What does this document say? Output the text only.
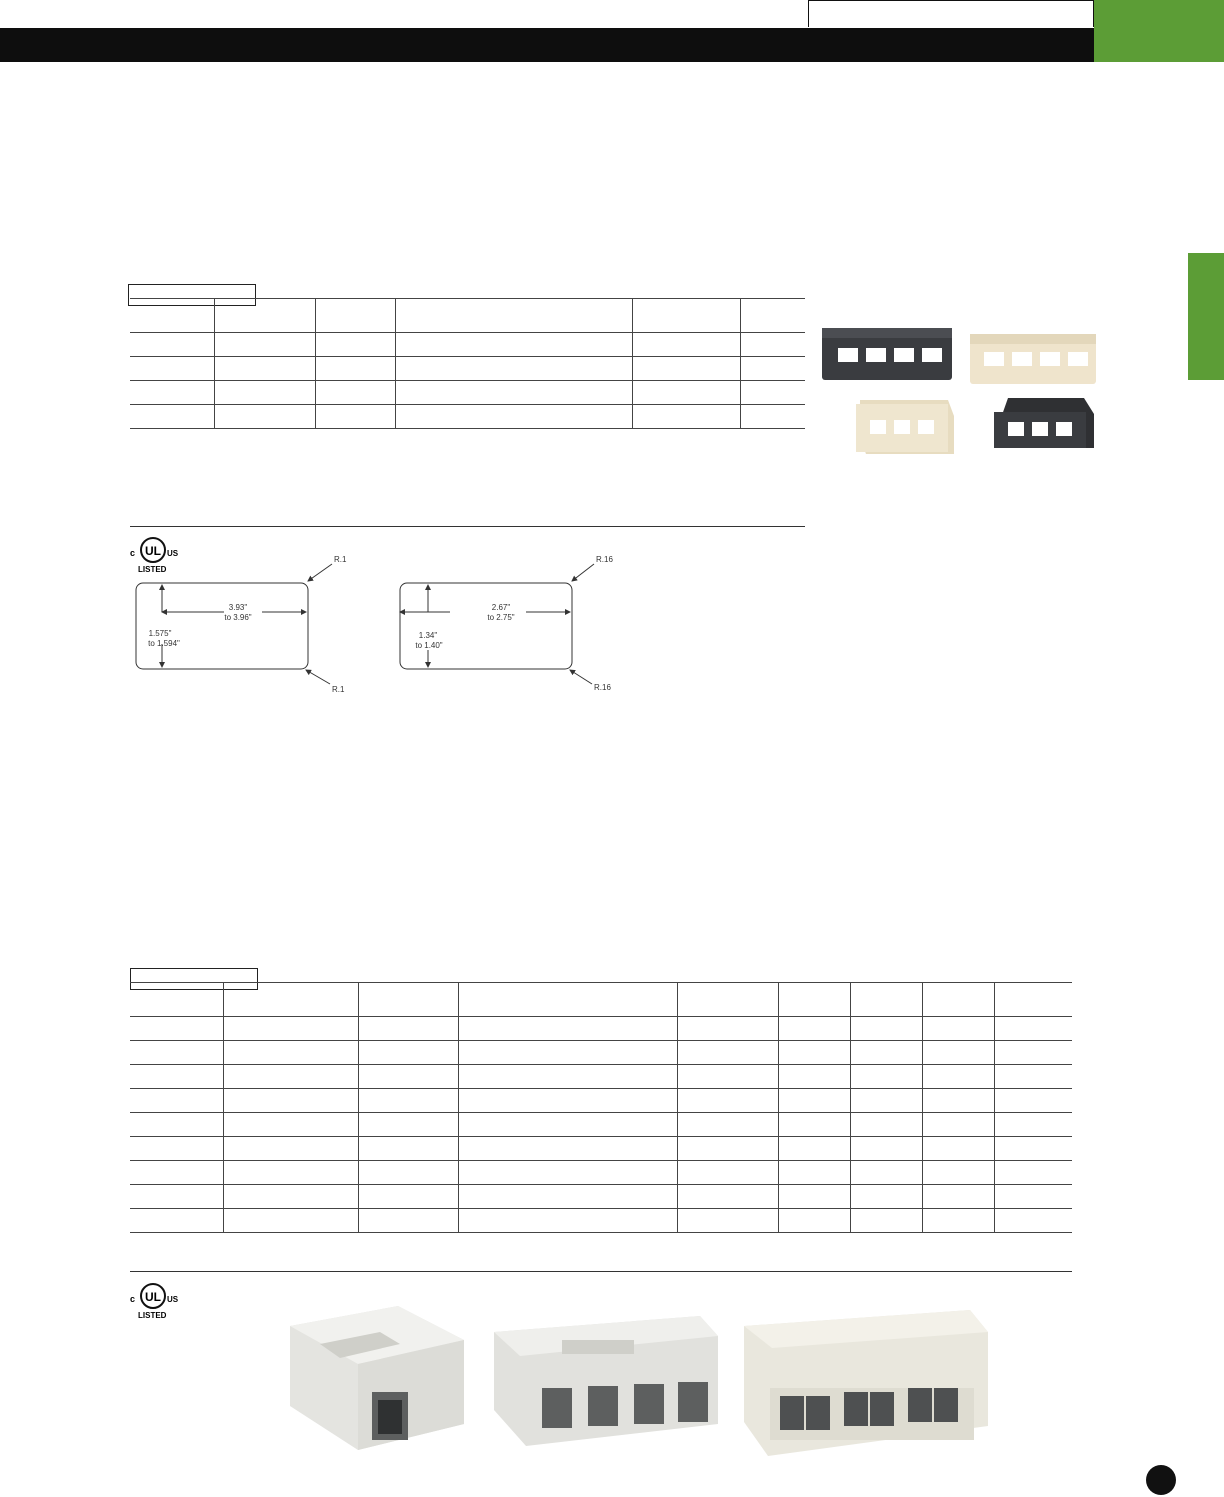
c UL US
LISTED
3.93"
to 3.96"
1.575"
to 1.594"
R.1
R.1
2.67"
to 2.75"
1.34"
to 1.40"
R.16
R.16

c UL US
LISTED
